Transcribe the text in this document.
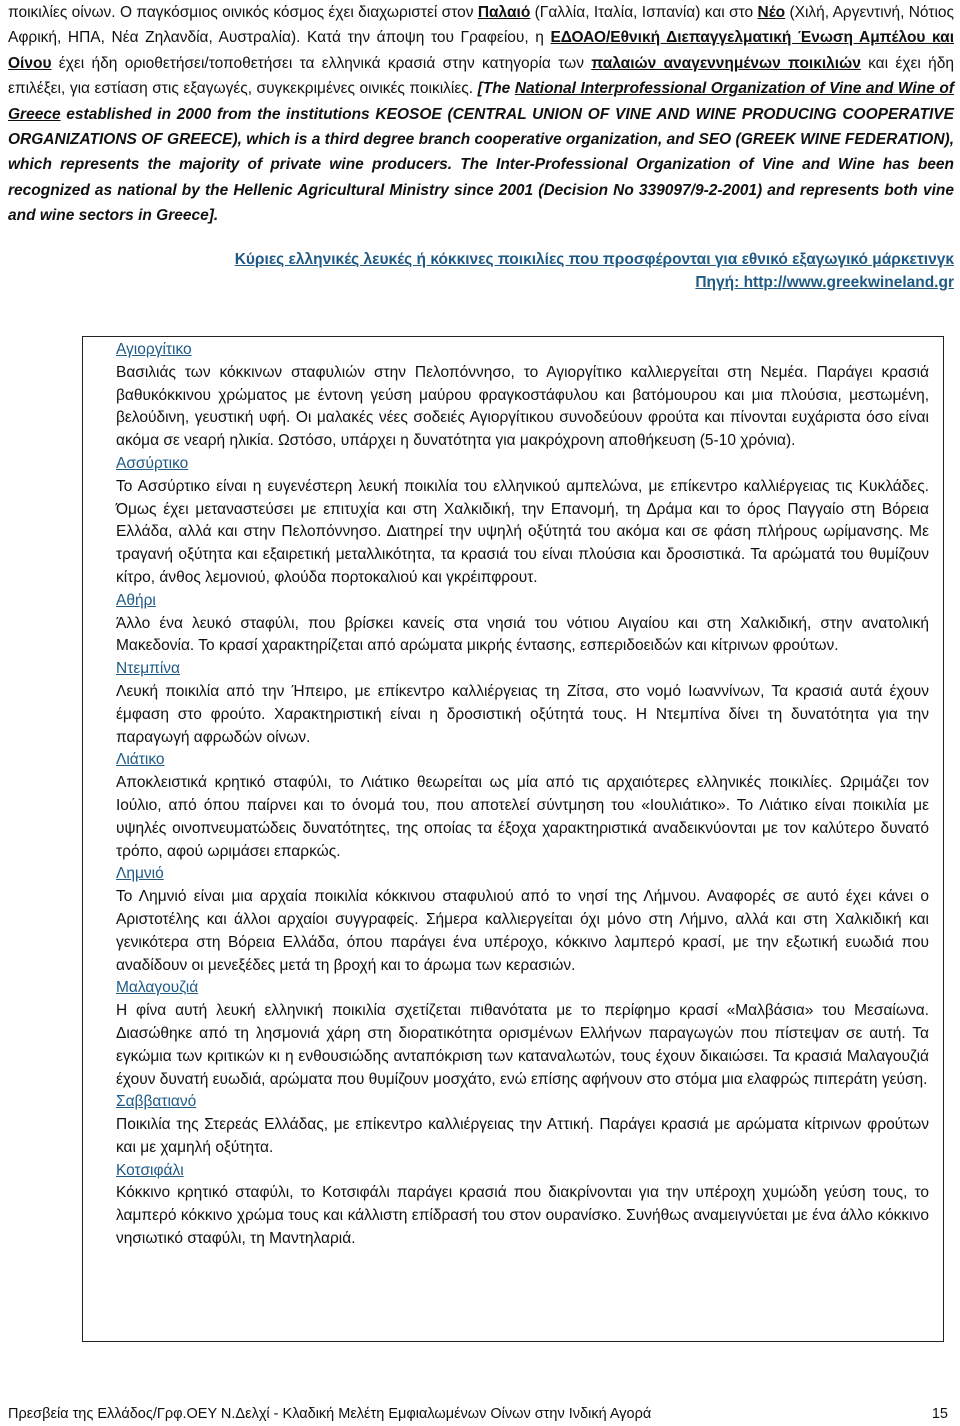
ποικιλίες οίνων. Ο παγκόσμιος οινικός κόσμος έχει διαχωριστεί στον Παλαιό (Γαλλία, Ιταλία, Ισπανία) και στο Νέο (Χιλή, Αργεντινή, Νότιος Αφρική, ΗΠΑ, Νέα Ζηλανδία, Αυστραλία). Κατά την άποψη του Γραφείου, η ΕΔΟΑΟ/Εθνική Διεπαγγελματική Ένωση Αμπέλου και Οίνου έχει ήδη οριοθετήσει/τοποθετήσει τα ελληνικά κρασιά στην κατηγορία των παλαιών αναγεννημένων ποικιλιών και έχει ήδη επιλέξει, για εστίαση στις εξαγωγές, συγκεκριμένες οινικές ποικιλίες. [The National Interprofessional Organization of Vine and Wine of Greece established in 2000 from the institutions KEOSOE (CENTRAL UNION OF VINE AND WINE PRODUCING COOPERATIVE ORGANIZATIONS OF GREECE), which is a third degree branch cooperative organization, and SEO (GREEK WINE FEDERATION), which represents the majority of private wine producers. The Inter-Professional Organization of Vine and Wine has been recognized as national by the Hellenic Agricultural Ministry since 2001 (Decision No 339097/9-2-2001) and represents both vine and wine sectors in Greece].

Κύριες ελληνικές λευκές ή κόκκινες ποικιλίες που προσφέρονται για εθνικό εξαγωγικό μάρκετινγκ
Πηγή: http://www.greekwineland.gr

Αγιοργίτικο

Βασιλιάς των κόκκινων σταφυλιών στην Πελοπόννησο, το Αγιοργίτικο καλλιεργείται στη Νεμέα. Παράγει κρασιά βαθυκόκκινου χρώματος με έντονη γεύση μαύρου φραγκοστάφυλου και βατόμουρου και μια πλούσια, μεστωμένη, βελούδινη, γευστική υφή. Οι μαλακές νέες σοδειές Αγιοργίτικου συνοδεύουν φρούτα και πίνονται ευχάριστα όσο είναι ακόμα σε νεαρή ηλικία. Ωστόσο, υπάρχει η δυνατότητα για μακρόχρονη αποθήκευση (5-10 χρόνια).

Ασσύρτικο

Το Ασσύρτικο είναι η ευγενέστερη λευκή ποικιλία του ελληνικού αμπελώνα, με επίκεντρο καλλιέργειας τις Κυκλάδες. Όμως έχει μεταναστεύσει με επιτυχία και στη Χαλκιδική, την Επανομή, τη Δράμα και το όρος Παγγαίο στη Βόρεια Ελλάδα, αλλά και στην Πελοπόννησο. Διατηρεί την υψηλή οξύτητά του ακόμα και σε φάση πλήρους ωρίμανσης. Με τραγανή οξύτητα και εξαιρετική μεταλλικότητα, τα κρασιά του είναι πλούσια και δροσιστικά. Τα αρώματά του θυμίζουν κίτρο, άνθος λεμονιού, φλούδα πορτοκαλιού και γκρέιπφρουτ.

Αθήρι

Άλλο ένα λευκό σταφύλι, που βρίσκει κανείς στα νησιά του νότιου Αιγαίου και στη Χαλκιδική, στην ανατολική Μακεδονία. Το κρασί χαρακτηρίζεται από αρώματα μικρής έντασης, εσπεριδοειδών και κίτρινων φρούτων.

Ντεμπίνα

Λευκή ποικιλία από την Ήπειρο, με επίκεντρο καλλιέργειας τη Ζίτσα, στο νομό Ιωαννίνων, Τα κρασιά αυτά έχουν έμφαση στο φρούτο. Χαρακτηριστική είναι η δροσιστική οξύτητά τους. Η Ντεμπίνα δίνει τη δυνατότητα για την παραγωγή αφρωδών οίνων.

Λιάτικο

Αποκλειστικά κρητικό σταφύλι, το Λιάτικο θεωρείται ως μία από τις αρχαιότερες ελληνικές ποικιλίες. Ωριμάζει τον Ιούλιο, από όπου παίρνει και το όνομά του, που αποτελεί σύντμηση του «Ιουλιάτικο». Το Λιάτικο είναι ποικιλία με υψηλές οινοπνευματώδεις δυνατότητες, της οποίας τα έξοχα χαρακτηριστικά αναδεικνύονται με τον καλύτερο δυνατό τρόπο, αφού ωριμάσει επαρκώς.

Λημνιό

Το Λημνιό είναι μια αρχαία ποικιλία κόκκινου σταφυλιού από το νησί της Λήμνου. Αναφορές σε αυτό έχει κάνει ο Αριστοτέλης και άλλοι αρχαίοι συγγραφείς. Σήμερα καλλιεργείται όχι μόνο στη Λήμνο, αλλά και στη Χαλκιδική και γενικότερα στη Βόρεια Ελλάδα, όπου παράγει ένα υπέροχο, κόκκινο λαμπερό κρασί, με την εξωτική ευωδιά που αναδίδουν οι μενεξέδες μετά τη βροχή και το άρωμα των κερασιών.

Μαλαγουζιά

Η φίνα αυτή λευκή ελληνική ποικιλία σχετίζεται πιθανότατα με το περίφημο κρασί «Μαλβάσια» του Μεσαίωνα. Διασώθηκε από τη λησμονιά χάρη στη διορατικότητα ορισμένων Ελλήνων παραγωγών που πίστεψαν σε αυτή. Τα εγκώμια των κριτικών κι η ενθουσιώδης ανταπόκριση των καταναλωτών, τους έχουν δικαιώσει. Τα κρασιά Μαλαγουζιά έχουν δυνατή ευωδιά, αρώματα που θυμίζουν μοσχάτο, ενώ επίσης αφήνουν στο στόμα μια ελαφρώς πιπεράτη γεύση.

Σαββατιανό

Ποικιλία της Στερεάς Ελλάδας, με επίκεντρο καλλιέργειας την Αττική. Παράγει κρασιά με αρώματα κίτρινων φρούτων και με χαμηλή οξύτητα.

Κοτσιφάλι

Κόκκινο κρητικό σταφύλι, το Κοτσιφάλι παράγει κρασιά που διακρίνονται για την υπέροχη χυμώδη γεύση τους, το λαμπερό κόκκινο χρώμα τους και κάλλιστη επίδρασή του στον ουρανίσκο. Συνήθως αναμειγνύεται με ένα άλλο κόκκινο νησιωτικό σταφύλι, τη Μαντηλαριά.

Πρεσβεία της Ελλάδος/Γρφ.ΟΕΥ Ν.Δελχί - Κλαδική Μελέτη Εμφιαλωμένων Οίνων στην Ινδική Αγορά	15
